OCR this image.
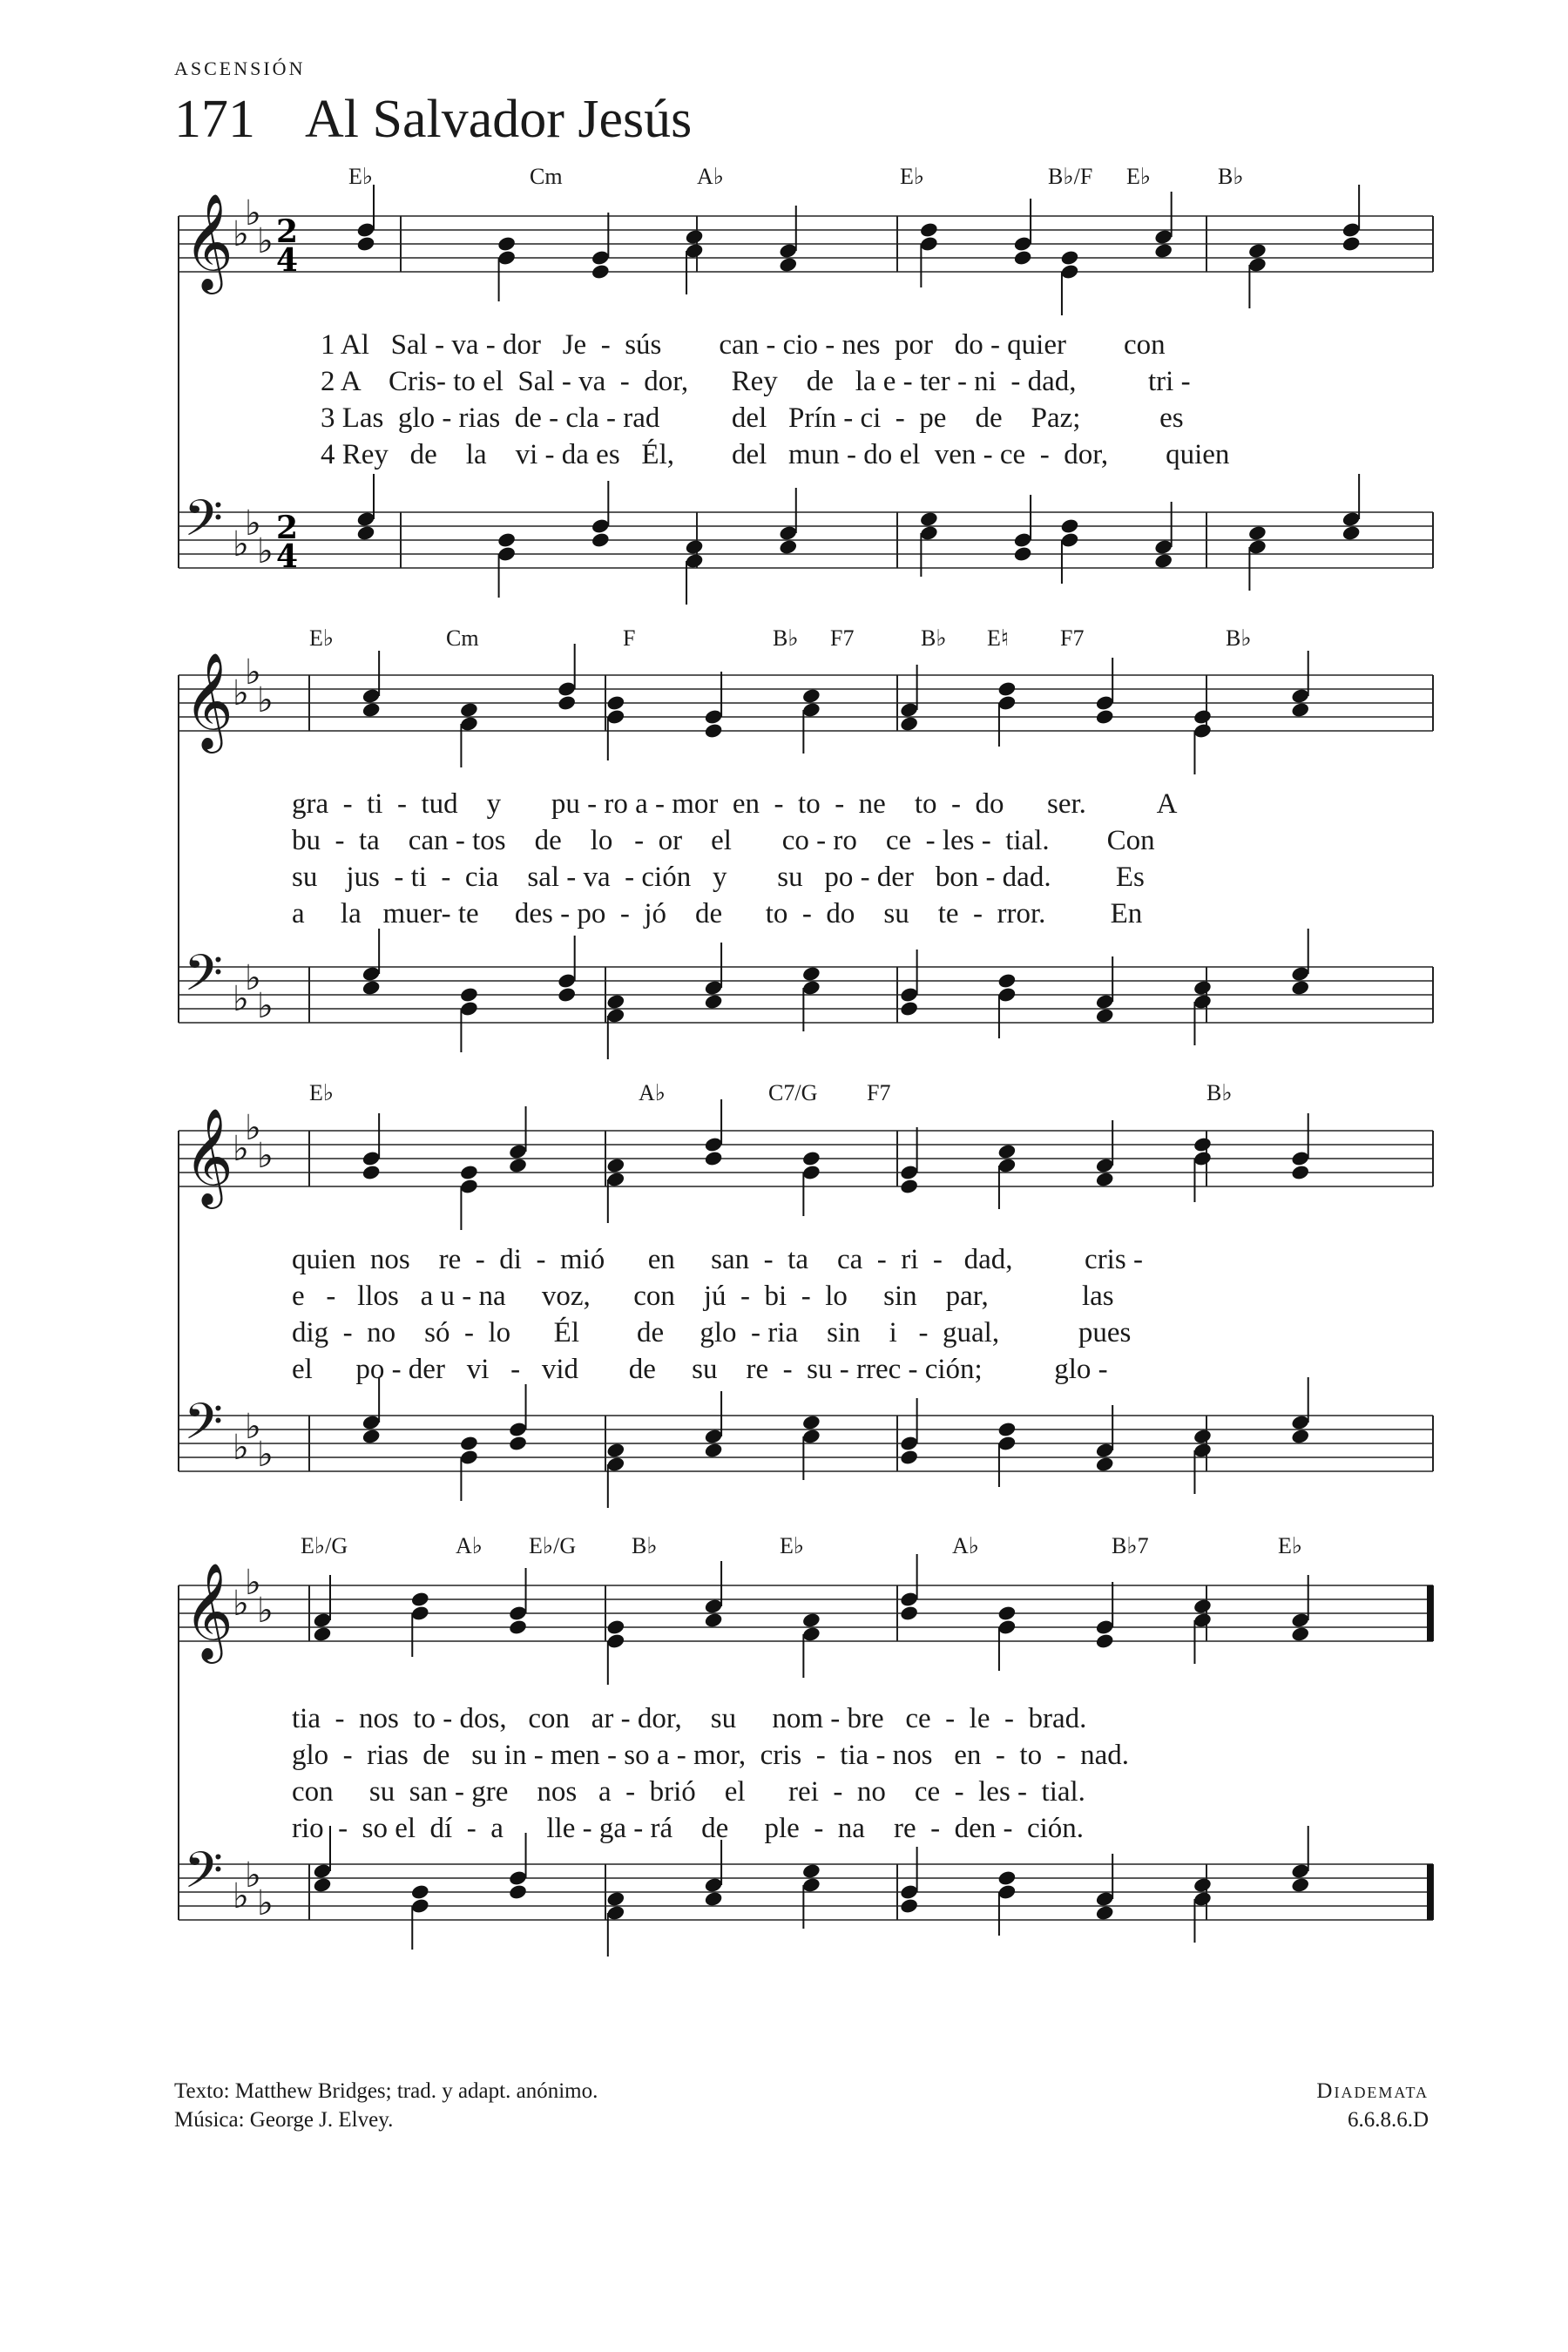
ASCENSIÓN
171 Al Salvador Jesús
𝄞 ♭
♭
♭ 2
4
𝄢 ♭
♭
♭
2
4
𝄞 ♭
♭
♭
𝄢 ♭
♭
♭
𝄞 ♭
♭
♭
𝄢 ♭
♭
♭
𝄞 ♭
♭
♭
𝄢 ♭
♭
♭
E♭	Cm	A♭	E♭	B♭/F E♭	B♭
1 Al   Sal - va - dor   Je  -  sús        can - cio - nes  por   do - quier        con
2 A    Cris- to el  Sal - va  -  dor,      Rey    de   la e - ter - ni  - dad,          tri -
3 Las  glo - rias  de - cla - rad          del   Prín - ci  -  pe    de    Paz;           es
4 Rey   de    la    vi - da es   Él,        del   mun - do el  ven - ce  -  dor,        quien
E♭	Cm	F	B♭ F7	B♭ E♮ F7	B♭
gra  -  ti  -  tud    y       pu - ro a - mor  en  -  to  -  ne    to  -  do      ser.          A
bu  -  ta    can - tos    de    lo   -  or    el       co - ro    ce  - les -  tial.        Con
su    jus  - ti  -  cia    sal - va  - ción   y       su   po - der   bon - dad.         Es
a     la   muer- te     des - po  -  jó    de      to  -  do    su    te  -  rror.         En
E♭	A♭	C7/G F7	B♭
quien  nos    re  -  di  -  mió      en     san  -  ta    ca  -  ri  -   dad,          cris -
e   -   llos   a u - na     voz,      con    jú  -  bi  -  lo     sin    par,             las
dig  -  no    só  -  lo      Él        de     glo  - ria    sin    i   -  gual,           pues
el      po - der   vi   -   vid       de     su    re  -  su - rrec - ción;          glo -
E♭/G	A♭ E♭/G B♭	E♭	A♭	B♭7	E♭
tia  -  nos  to - dos,   con   ar - dor,    su     nom - bre   ce  -  le  -  brad.
glo  -  rias  de   su in - men - so a - mor,  cris  -  tia - nos   en  -  to  -  nad.
con     su  san - gre    nos   a  -  brió    el      rei  -  no    ce  -  les -  tial.
rio  -  so el  dí  -  a      lle - ga - rá    de     ple  -  na    re  -  den -  ción.
Texto: Matthew Bridges; trad. y adapt. anónimo.
Música: George J. Elvey.
Diademata
6.6.8.6.D
